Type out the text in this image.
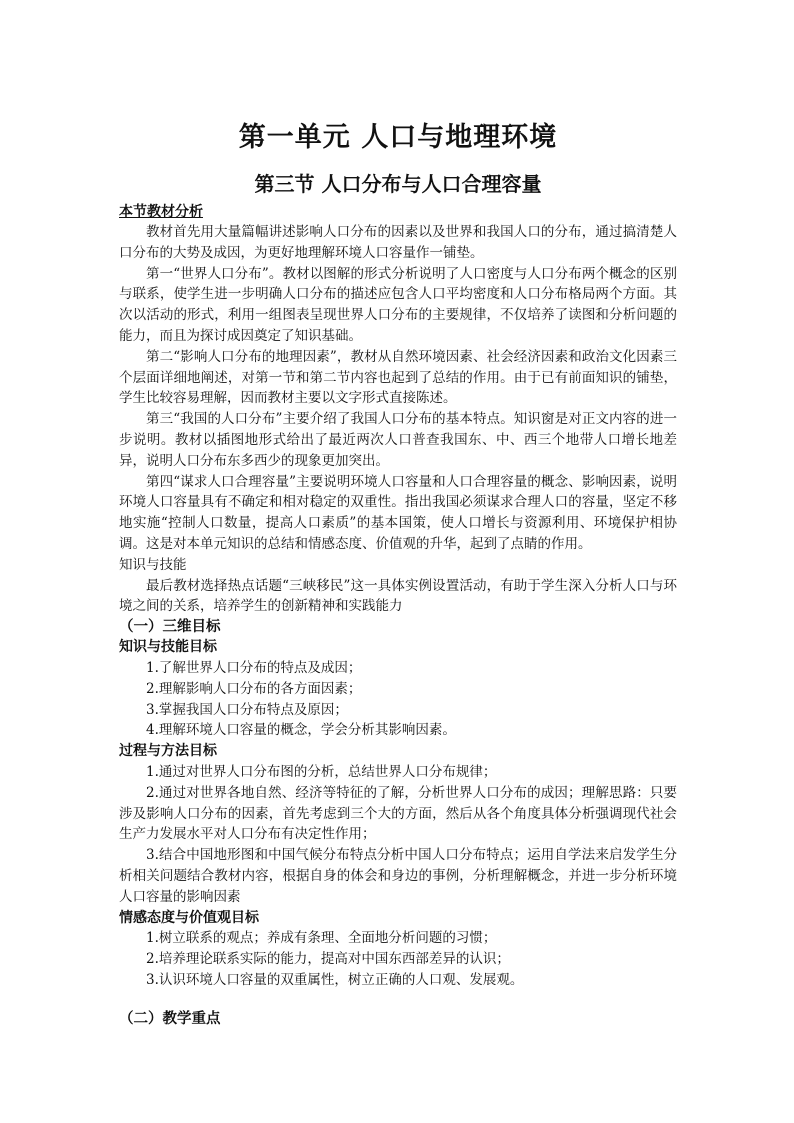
第一单元 人口与地理环境
第三节 人口分布与人口合理容量

本节教材分析

教材首先用大量篇幅讲述影响人口分布的因素以及世界和我国人口的分布，通过搞清楚人口分布的大势及成因，为更好地理解环境人口容量作一铺垫。

第一“世界人口分布”。教材以图解的形式分析说明了人口密度与人口分布两个概念的区别与联系，使学生进一步明确人口分布的描述应包含人口平均密度和人口分布格局两个方面。其次以活动的形式，利用一组图表呈现世界人口分布的主要规律，不仅培养了读图和分析问题的能力，而且为探讨成因奠定了知识基础。

第二“影响人口分布的地理因素”，教材从自然环境因素、社会经济因素和政治文化因素三个层面详细地阐述，对第一节和第二节内容也起到了总结的作用。由于已有前面知识的铺垫，学生比较容易理解，因而教材主要以文字形式直接陈述。

第三“我国的人口分布”主要介绍了我国人口分布的基本特点。知识窗是对正文内容的进一步说明。教材以插图地形式给出了最近两次人口普查我国东、中、西三个地带人口增长地差异，说明人口分布东多西少的现象更加突出。

第四“谋求人口合理容量”主要说明环境人口容量和人口合理容量的概念、影响因素，说明环境人口容量具有不确定和相对稳定的双重性。指出我国必须谋求合理人口的容量，坚定不移地实施“控制人口数量，提高人口素质”的基本国策，使人口增长与资源利用、环境保护相协调。这是对本单元知识的总结和情感态度、价值观的升华，起到了点睛的作用。

知识与技能

最后教材选择热点话题“三峡移民”这一具体实例设置活动，有助于学生深入分析人口与环境之间的关系，培养学生的创新精神和实践能力

（一）三维目标

知识与技能目标

1.了解世界人口分布的特点及成因；

2.理解影响人口分布的各方面因素；

3.掌握我国人口分布特点及原因；

4.理解环境人口容量的概念，学会分析其影响因素。

过程与方法目标

1.通过对世界人口分布图的分析，总结世界人口分布规律；

2.通过对世界各地自然、经济等特征的了解，分析世界人口分布的成因；理解思路：只要涉及影响人口分布的因素，首先考虑到三个大的方面，然后从各个角度具体分析强调现代社会生产力发展水平对人口分布有决定性作用；

3.结合中国地形图和中国气候分布特点分析中国人口分布特点；运用自学法来启发学生分析相关问题结合教材内容，根据自身的体会和身边的事例，分析理解概念，并进一步分析环境人口容量的影响因素

情感态度与价值观目标

1.树立联系的观点；养成有条理、全面地分析问题的习惯；

2.培养理论联系实际的能力，提高对中国东西部差异的认识；

3.认识环境人口容量的双重属性，树立正确的人口观、发展观。

（二）教学重点
